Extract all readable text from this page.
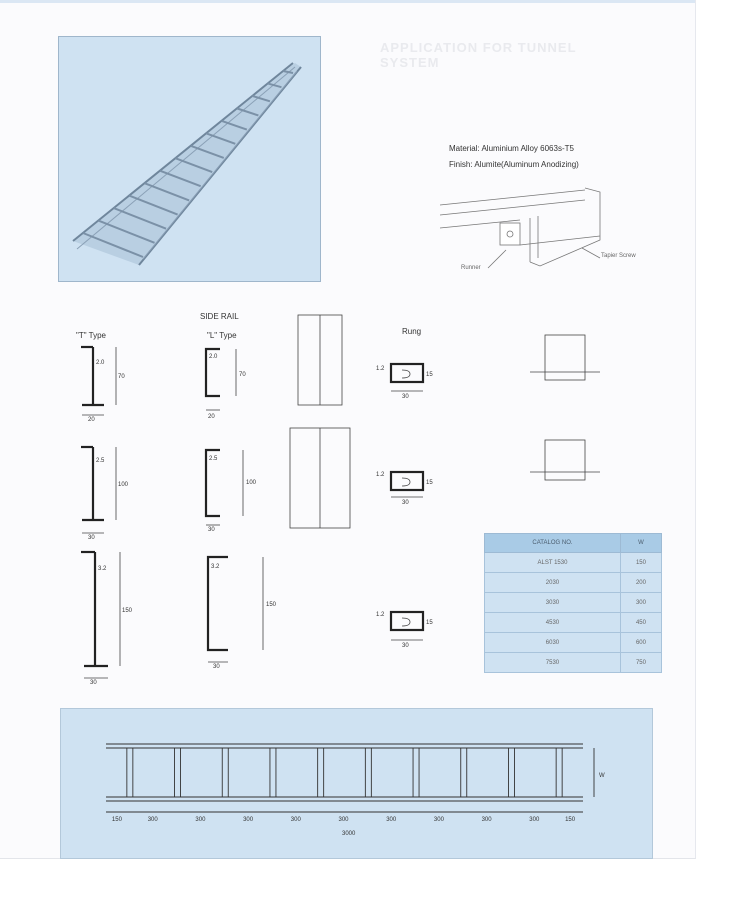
APPLICATION FOR TUNNEL
SYSTEM
Material: Aluminium Alloy 6063s-T5
Finish: Alumite(Aluminum Anodizing)
Runner
Tapier Screw
SIDE RAIL
"T" Type	"L" Type	Rung
2.0
70
20
2.5
100
30
3.2
150
30
2.0
70
20
2.5
100
30
3.2
150
30
1.2
15
30
1.2
15
30
1.2
15
30
CATALOG NO.	W
ALST 1530	150
2030	200
3030	300
4530	450
6030	600
7530	750
150	300	300	300	300	300	300	300	300	300	150
W
3000
